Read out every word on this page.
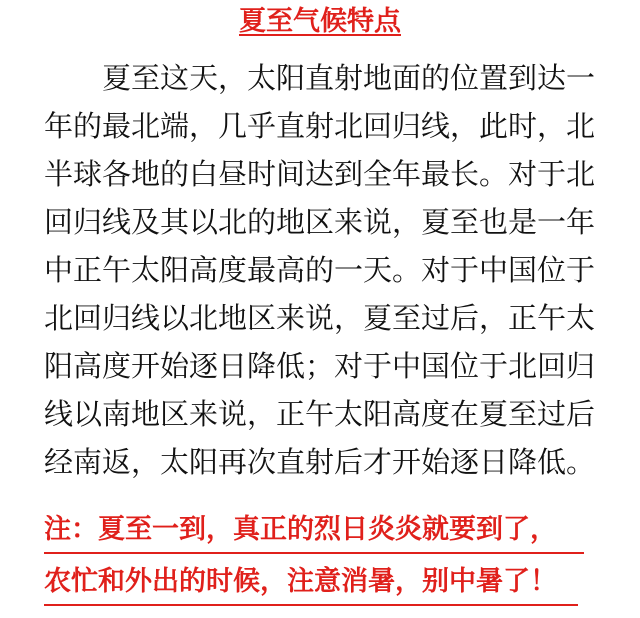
夏至气候特点
　　夏至这天，太阳直射地面的位置到达一
年的最北端，几乎直射北回归线，此时，北
半球各地的白昼时间达到全年最长。对于北
回归线及其以北的地区来说，夏至也是一年
中正午太阳高度最高的一天。对于中国位于
北回归线以北地区来说，夏至过后，正午太
阳高度开始逐日降低；对于中国位于北回归
线以南地区来说，正午太阳高度在夏至过后
经南返，太阳再次直射后才开始逐日降低。
注：夏至一到，真正的烈日炎炎就要到了，
农忙和外出的时候，注意消暑，别中暑了！
